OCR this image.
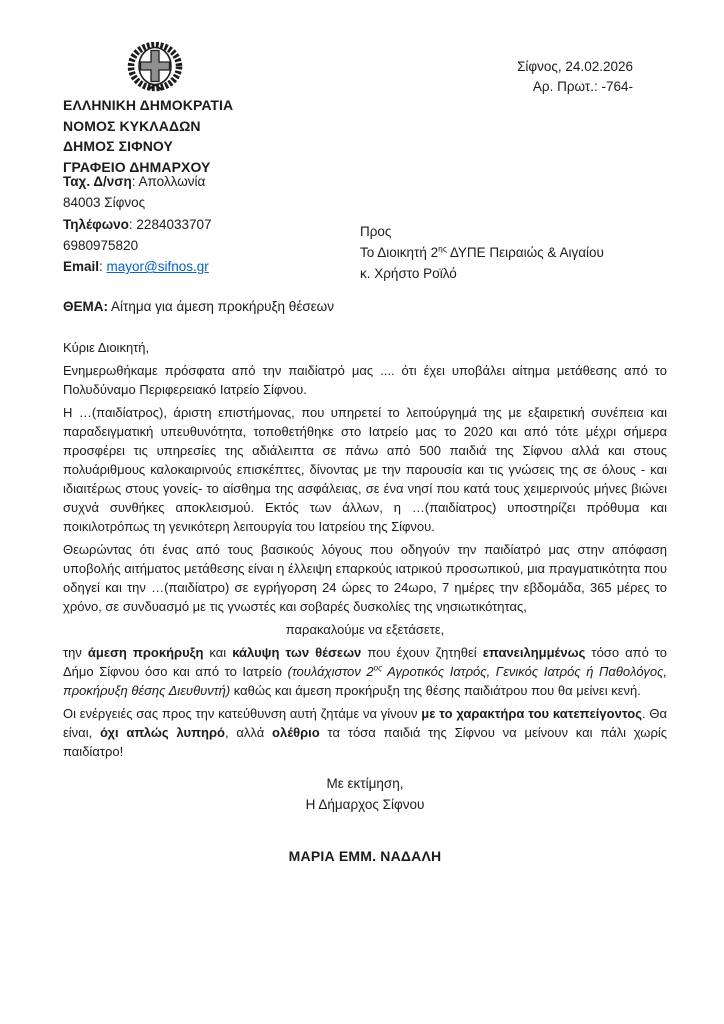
ΕΛΛΗΝΙΚΗ ΔΗΜΟΚΡΑΤΙΑ
ΝΟΜΟΣ ΚΥΚΛΑΔΩΝ
ΔΗΜΟΣ ΣΙΦΝΟΥ
ΓΡΑΦΕΙΟ ΔΗΜΑΡΧΟΥ
Σίφνος, 24.02.2026
Αρ. Πρωτ.: -764-
Ταχ. Δ/νση: Απολλωνία
84003 Σίφνος
Τηλέφωνο: 2284033707
6980975820
Email: mayor@sifnos.gr
Προς
Το Διοικητή $2^{\eta\varsigma}$ ΔΥΠΕ Πειραιώς & Αιγαίου
κ. Χρήστο Ροϊλό
ΘΕΜΑ: Αίτημα για άμεση προκήρυξη θέσεων

Κύριε Διοικητή,

Ενημερωθήκαμε πρόσφατα από την παιδίατρό μας .... ότι έχει υποβάλει αίτημα μετάθεσης από το Πολυδύναμο Περιφερειακό Ιατρείο Σίφνου.

Η …(παιδίατρος), άριστη επιστήμονας, που υπηρετεί το λειτούργημά της με εξαιρετική συνέπεια και παραδειγματική υπευθυνότητα, τοποθετήθηκε στο Ιατρείο μας το 2020 και από τότε μέχρι σήμερα προσφέρει τις υπηρεσίες της αδιάλειπτα σε πάνω από 500 παιδιά της Σίφνου αλλά και στους πολυάριθμους καλοκαιρινούς επισκέπτες, δίνοντας με την παρουσία και τις γνώσεις της σε όλους - και ιδιαιτέρως στους γονείς- το αίσθημα της ασφάλειας, σε ένα νησί που κατά τους χειμερινούς μήνες βιώνει συχνά συνθήκες αποκλεισμού. Εκτός των άλλων, η …(παιδίατρος) υποστηρίζει πρόθυμα και ποικιλοτρόπως τη γενικότερη λειτουργία του Ιατρείου της Σίφνου.

Θεωρώντας ότι ένας από τους βασικούς λόγους που οδηγούν την παιδίατρό μας στην απόφαση υποβολής αιτήματος μετάθεσης είναι η έλλειψη επαρκούς ιατρικού προσωπικού, μια πραγματικότητα που οδηγεί και την …(παιδίατρο) σε εγρήγορση 24 ώρες το 24ωρο, 7 ημέρες την εβδομάδα, 365 μέρες το χρόνο, σε συνδυασμό με τις γνωστές και σοβαρές δυσκολίες της νησιωτικότητας,

παρακαλούμε να εξετάσετε,

την άμεση προκήρυξη και κάλυψη των θέσεων που έχουν ζητηθεί επανειλημμένως τόσο από το Δήμο Σίφνου όσο και από το Ιατρείο (τουλάχιστον $2^{o\varsigma}$ Αγροτικός Ιατρός, Γενικός Ιατρός ή Παθολόγος, προκήρυξη θέσης Διευθυντή) καθώς και άμεση προκήρυξη της θέσης παιδιάτρου που θα μείνει κενή.

Οι ενέργειές σας προς την κατεύθυνση αυτή ζητάμε να γίνουν με το χαρακτήρα του κατεπείγοντος. Θα είναι, όχι απλώς λυπηρό, αλλά ολέθριο τα τόσα παιδιά της Σίφνου να μείνουν και πάλι χωρίς παιδίατρο!

Με εκτίμηση,
Η Δήμαρχος Σίφνου
ΜΑΡΙΑ ΕΜΜ. ΝΑΔΑΛΗ
